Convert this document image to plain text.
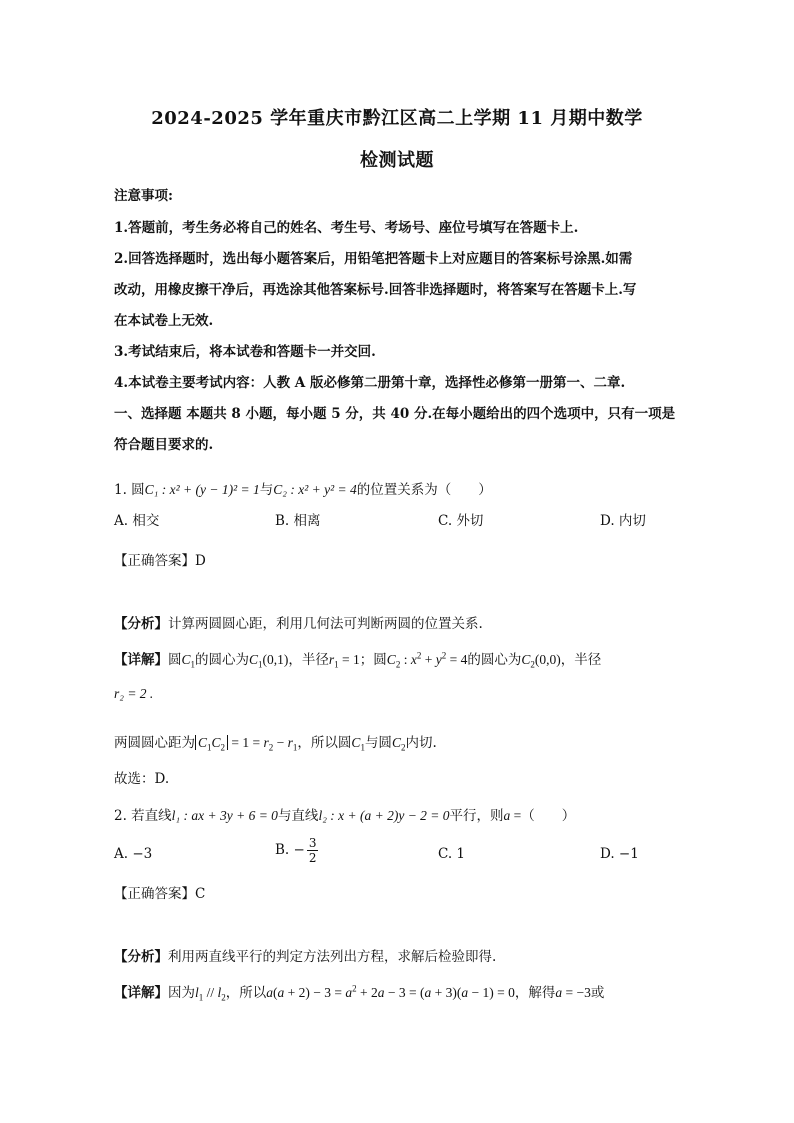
2024-2025 学年重庆市黔江区高二上学期 11 月期中数学
检测试题
注意事项:
1.答题前，考生务必将自己的姓名、考生号、考场号、座位号填写在答题卡上.
2.回答选择题时，选出每小题答案后，用铅笔把答题卡上对应题目的答案标号涂黑.如需
改动，用橡皮擦干净后，再选涂其他答案标号.回答非选择题时，将答案写在答题卡上.写
在本试卷上无效.
3.考试结束后，将本试卷和答题卡一并交回.
4.本试卷主要考试内容：人教 A 版必修第二册第十章，选择性必修第一册第一、二章.
一、选择题 本题共 8 小题，每小题 5 分，共 40 分.在每小题给出的四个选项中，只有一项是
符合题目要求的.
1. 圆C₁ : x² + (y − 1)² = 1与C₂ : x² + y² = 4的位置关系为（　　）
A. 相交	B. 相离	C. 外切	D. 内切
【正确答案】D
【分析】计算两圆圆心距，利用几何法可判断两圆的位置关系.
【详解】圆$C_1$的圆心为$C_1(0,1)$，半径$r_1 = 1$；圆$C_2$ : $x^2 + y^2 = 4$的圆心为$C_2(0,0)$，半径
r₂ = 2 .
两圆圆心距为 $C_1C_2 = 1 = r_2 - r_1$，所以圆$C_1$与圆$C_2$内切.
故选：D.
2. 若直线l₁ : ax + 3y + 6 = 0与直线l₂ : x + (a + 2)y − 2 = 0平行，则a =（　　）
A. −3	B. − $\frac{3}{2}$	C. 1	D. −1
【正确答案】C
【分析】利用两直线平行的判定方法列出方程，求解后检验即得.
【详解】因为$l_1 // l_2$，所以$a(a + 2) - 3 = a^2 + 2a - 3 = (a + 3)(a - 1) = 0$，解得a = −3或
